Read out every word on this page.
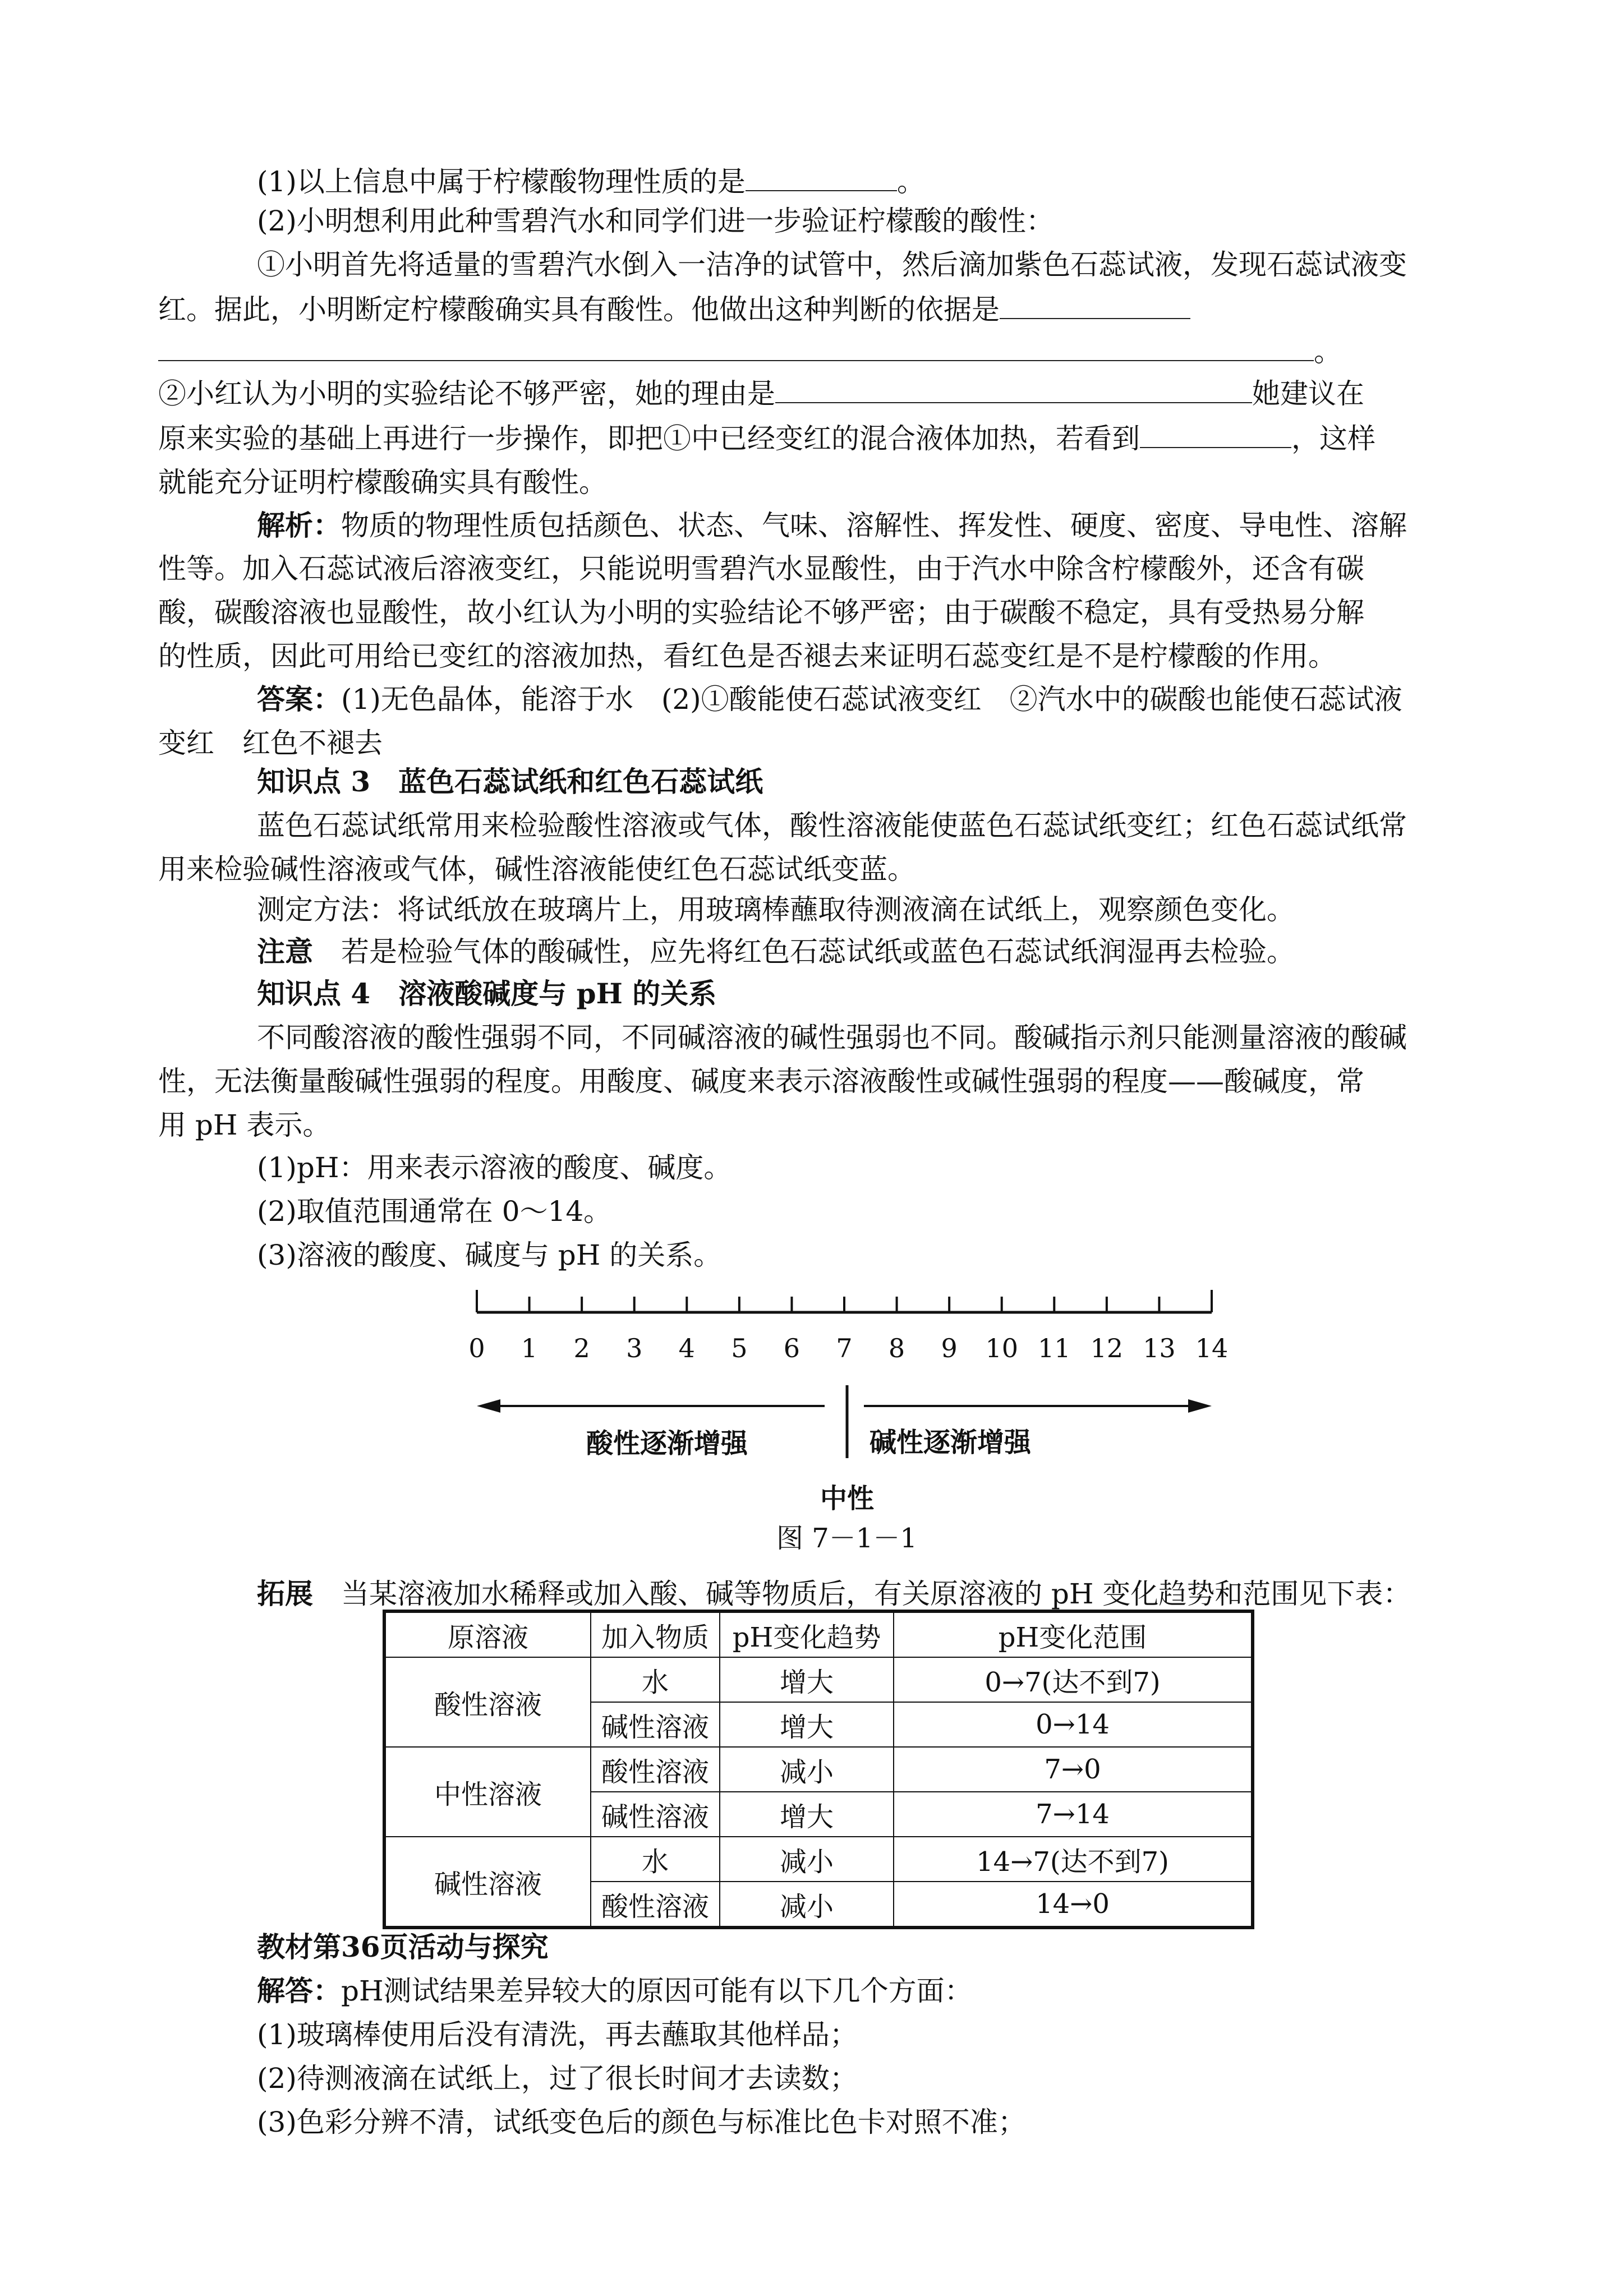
(1)以上信息中属于柠檬酸物理性质的是	。
(2)小明想利用此种雪碧汽水和同学们进一步验证柠檬酸的酸性：
①小明首先将适量的雪碧汽水倒入一洁净的试管中，然后滴加紫色石蕊试液，发现石蕊试液变
红。据此，小明断定柠檬酸确实具有酸性。他做出这种判断的依据是
。
②小红认为小明的实验结论不够严密，她的理由是	她建议在
原来实验的基础上再进行一步操作，即把①中已经变红的混合液体加热，若看到	，这样
就能充分证明柠檬酸确实具有酸性。
解析：物质的物理性质包括颜色、状态、气味、溶解性、挥发性、硬度、密度、导电性、溶解
性等。加入石蕊试液后溶液变红，只能说明雪碧汽水显酸性，由于汽水中除含柠檬酸外，还含有碳
酸，碳酸溶液也显酸性，故小红认为小明的实验结论不够严密；由于碳酸不稳定，具有受热易分解
的性质，因此可用给已变红的溶液加热，看红色是否褪去来证明石蕊变红是不是柠檬酸的作用。
答案：(1)无色晶体，能溶于水　(2)①酸能使石蕊试液变红　②汽水中的碳酸也能使石蕊试液
变红　红色不褪去
知识点 3　蓝色石蕊试纸和红色石蕊试纸
蓝色石蕊试纸常用来检验酸性溶液或气体，酸性溶液能使蓝色石蕊试纸变红；红色石蕊试纸常
用来检验碱性溶液或气体，碱性溶液能使红色石蕊试纸变蓝。
测定方法：将试纸放在玻璃片上，用玻璃棒蘸取待测液滴在试纸上，观察颜色变化。
注意　若是检验气体的酸碱性，应先将红色石蕊试纸或蓝色石蕊试纸润湿再去检验。
知识点 4　溶液酸碱度与 pH 的关系
不同酸溶液的酸性强弱不同，不同碱溶液的碱性强弱也不同。酸碱指示剂只能测量溶液的酸碱
性，无法衡量酸碱性强弱的程度。用酸度、碱度来表示溶液酸性或碱性强弱的程度——酸碱度，常
用 pH 表示。
(1)pH：用来表示溶液的酸度、碱度。
(2)取值范围通常在 0～14。
(3)溶液的酸度、碱度与 pH 的关系。
0 1 2 3 4 5 6 7 8 9 10 11 12 13 14
酸性逐渐增强	碱性逐渐增强
中性
图 7－1－1
拓展　当某溶液加水稀释或加入酸、碱等物质后，有关原溶液的 pH 变化趋势和范围见下表：
原溶液	加入物质	pH变化趋势	pH变化范围
酸性溶液	水	增大	0→7(达不到7)
	碱性溶液	增大	0→14
中性溶液	酸性溶液	减小	7→0
	碱性溶液	增大	7→14
碱性溶液	水	减小	14→7(达不到7)
	酸性溶液	减小	14→0
教材第36页活动与探究
解答：pH测试结果差异较大的原因可能有以下几个方面：
(1)玻璃棒使用后没有清洗，再去蘸取其他样品；
(2)待测液滴在试纸上，过了很长时间才去读数；
(3)色彩分辨不清，试纸变色后的颜色与标准比色卡对照不准；
